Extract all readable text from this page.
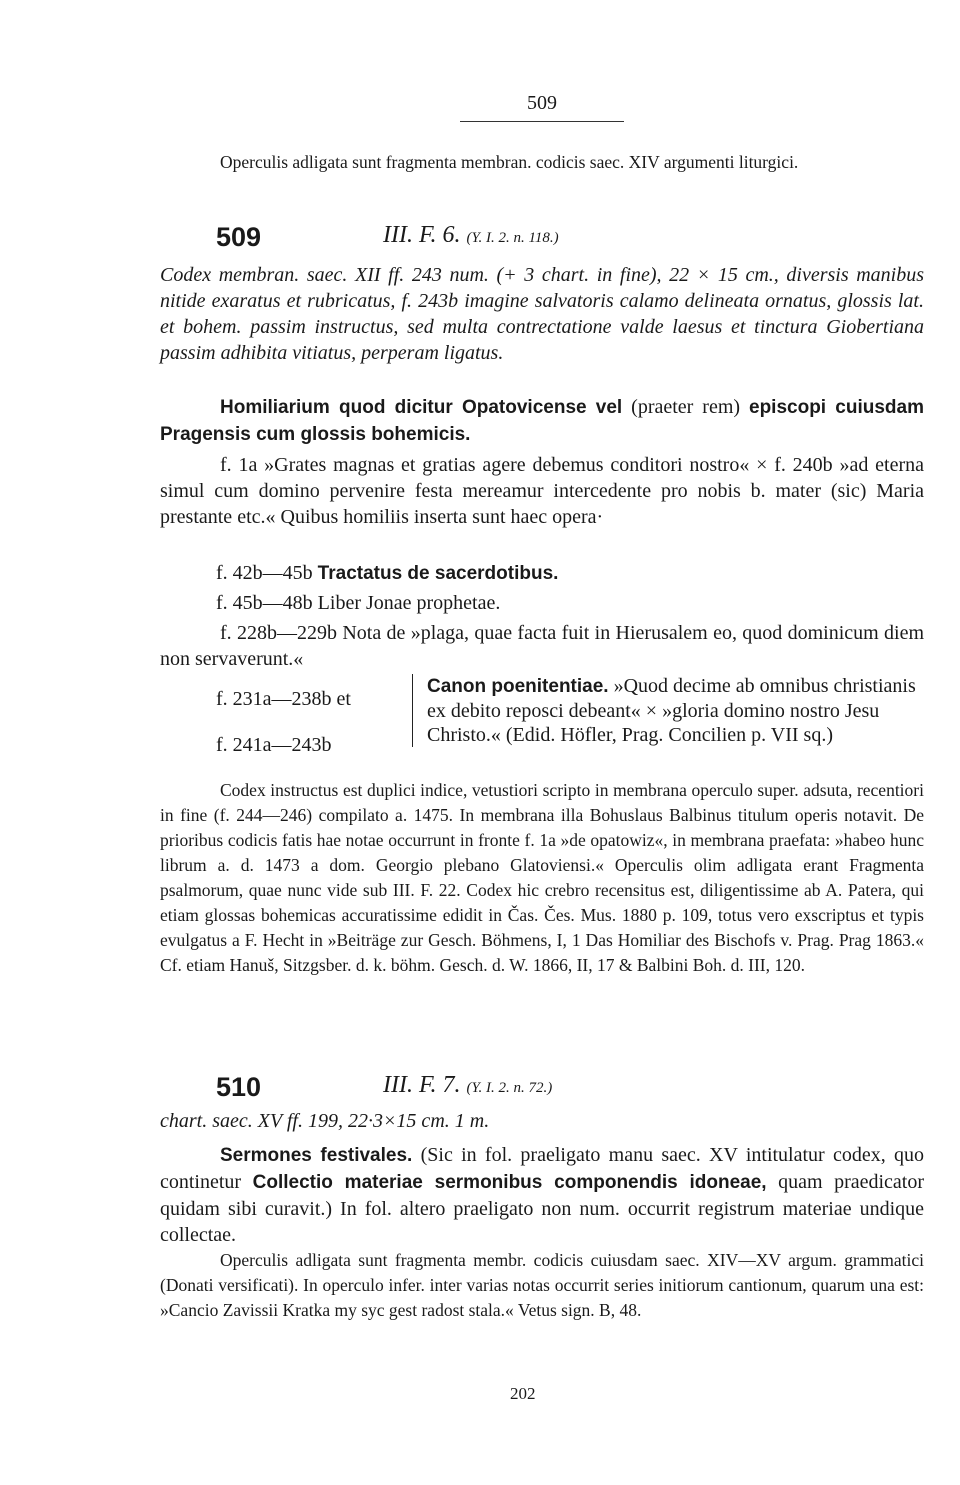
509
Operculis adligata sunt fragmenta membran. codicis saec. XIV argumenti liturgici.
509	III. F. 6. (Y. I. 2. n. 118.)
Codex membran. saec. XII ff. 243 num. (+ 3 chart. in fine), 22 × 15 cm., diversis manibus nitide exaratus et rubricatus, f. 243b imagine salvatoris calamo delineata ornatus, glossis lat. et bohem. passim instructus, sed multa contrectatione valde laesus et tinctura Giobertiana passim adhibita vitiatus, perperam ligatus.
Homiliarium quod dicitur Opatovicense vel (praeter rem) episcopi cuiusdam Pragensis cum glossis bohemicis.
f. 1a »Grates magnas et gratias agere debemus conditori nostro« × f. 240b »ad eterna simul cum domino pervenire festa mereamur intercedente pro nobis b. mater (sic) Maria prestante etc.« Quibus homiliis inserta sunt haec opera·
f. 42b—45b Tractatus de sacerdotibus.
f. 45b—48b Liber Jonae prophetae.
f. 228b—229b Nota de »plaga, quae facta fuit in Hierusalem eo, quod dominicum diem non servaverunt.«
f. 231a—238b et
f. 241a—243b
Canon poenitentiae. »Quod decime ab omnibus christianis ex debito reposci debeant« × »gloria domino nostro Jesu Christo.« (Edid. Höfler, Prag. Concilien p. VII sq.)
Codex instructus est duplici indice, vetustiori scripto in membrana operculo super. adsuta, recentiori in fine (f. 244—246) compilato a. 1475. In membrana illa Bohuslaus Balbinus titulum operis notavit. De prioribus codicis fatis hae notae occurrunt in fronte f. 1a »de opatowiz«, in membrana praefata: »habeo hunc librum a. d. 1473 a dom. Georgio plebano Glatoviensi.« Operculis olim adligata erant Fragmenta psalmorum, quae nunc vide sub III. F. 22. Codex hic crebro recensitus est, diligentissime ab A. Patera, qui etiam glossas bohemicas accuratissime edidit in Čas. Čes. Mus. 1880 p. 109, totus vero exscriptus et typis evulgatus a F. Hecht in »Beiträge zur Gesch. Böhmens, I, 1 Das Homiliar des Bischofs v. Prag. Prag 1863.« Cf. etiam Hanuš, Sitzgsber. d. k. böhm. Gesch. d. W. 1866, II, 17 & Balbini Boh. d. III, 120.
510	III. F. 7. (Y. I. 2. n. 72.)
chart. saec. XV ff. 199, 22·3×15 cm. 1 m.
Sermones festivales. (Sic in fol. praeligato manu saec. XV intitulatur codex, quo continetur Collectio materiae sermonibus componendis idoneae, quam praedicator quidam sibi curavit.) In fol. altero praeligato non num. occurrit registrum materiae undique collectae.
Operculis adligata sunt fragmenta membr. codicis cuiusdam saec. XIV—XV argum. grammatici (Donati versificati). In operculo infer. inter varias notas occurrit series initiorum cantionum, quarum una est: »Cancio Zavissii Kratka my syc gest radost stala.« Vetus sign. B, 48.
202
